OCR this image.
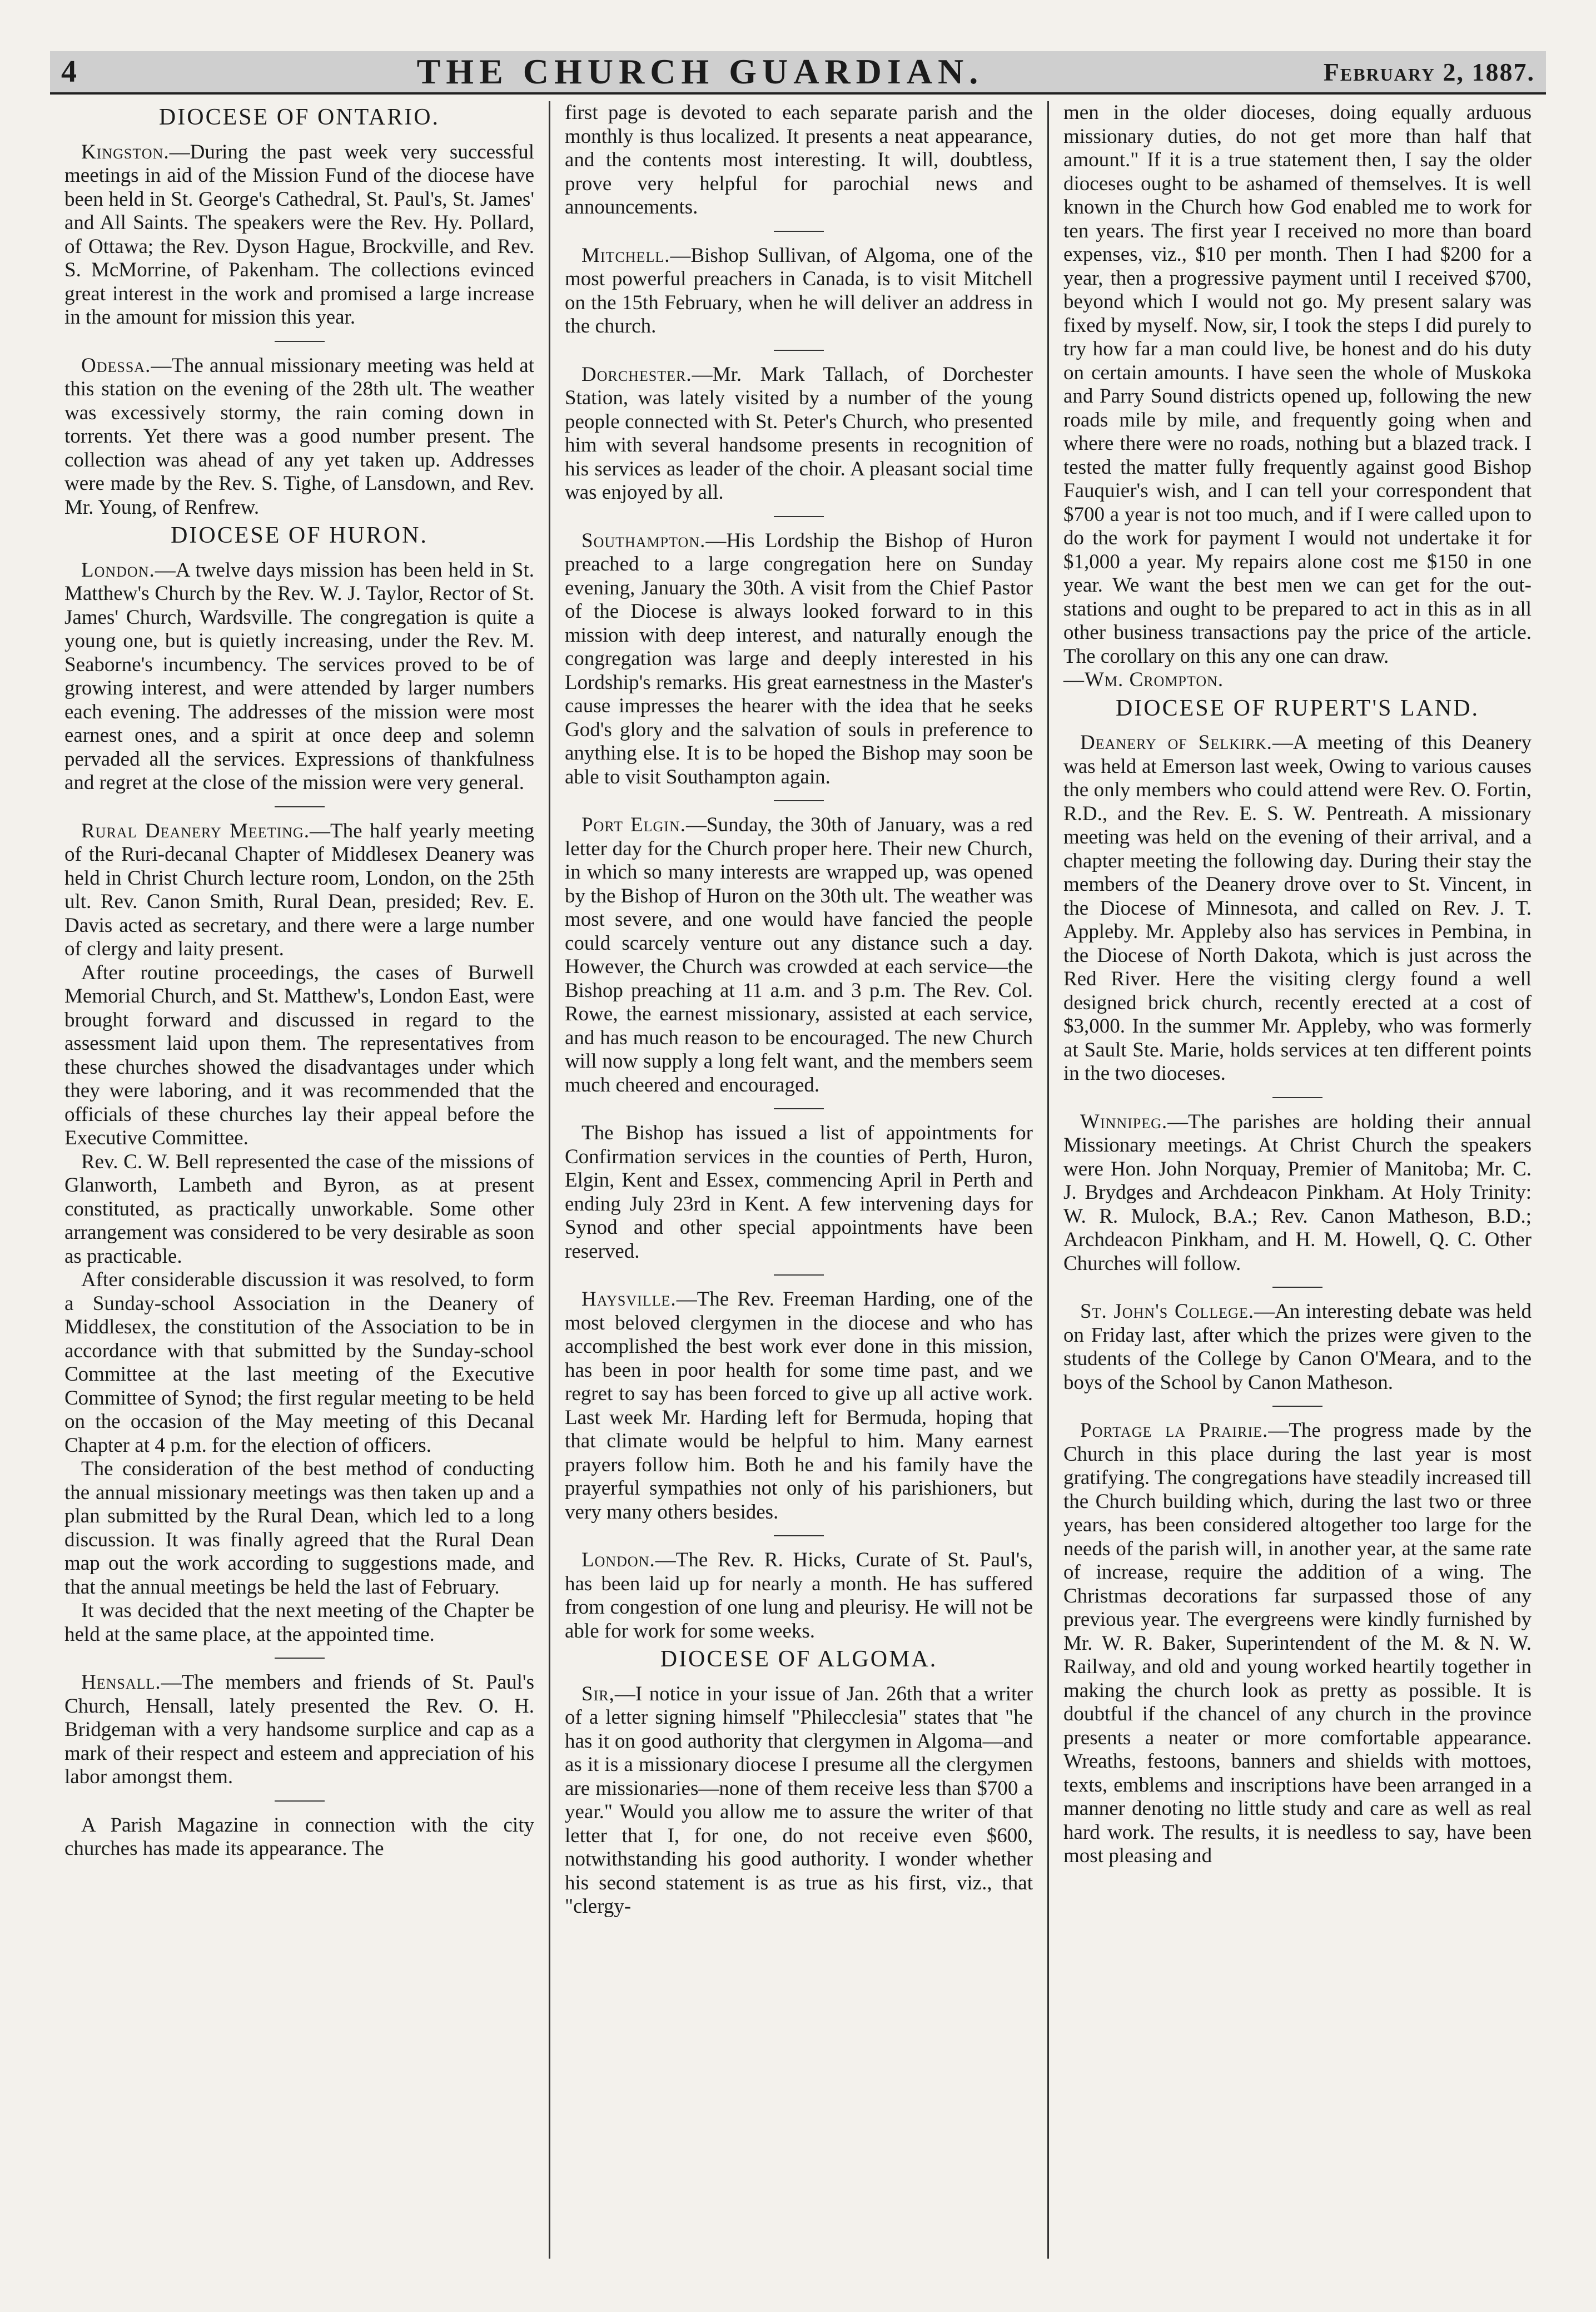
4	THE CHURCH GUARDIAN.	February 2, 1887.
DIOCESE OF ONTARIO.

Kingston.—During the past week very successful meetings in aid of the Mission Fund of the diocese have been held in St. George's Cathedral, St. Paul's, St. James' and All Saints. The speakers were the Rev. Hy. Pollard, of Ottawa; the Rev. Dyson Hague, Brockville, and Rev. S. McMorrine, of Pakenham. The collections evinced great interest in the work and promised a large increase in the amount for mission this year.

Odessa.—The annual missionary meeting was held at this station on the evening of the 28th ult. The weather was excessively stormy, the rain coming down in torrents. Yet there was a good number present. The collection was ahead of any yet taken up. Addresses were made by the Rev. S. Tighe, of Lansdown, and Rev. Mr. Young, of Renfrew.

DIOCESE OF HURON.

London.—A twelve days mission has been held in St. Matthew's Church by the Rev. W. J. Taylor, Rector of St. James' Church, Wardsville. The congregation is quite a young one, but is quietly increasing, under the Rev. M. Seaborne's incumbency. The services proved to be of growing interest, and were attended by larger numbers each evening. The addresses of the mission were most earnest ones, and a spirit at once deep and solemn pervaded all the services. Expressions of thankfulness and regret at the close of the mission were very general.

Rural Deanery Meeting.—The half yearly meeting of the Ruri-decanal Chapter of Middlesex Deanery was held in Christ Church lecture room, London, on the 25th ult. Rev. Canon Smith, Rural Dean, presided; Rev. E. Davis acted as secretary, and there were a large number of clergy and laity present.

After routine proceedings, the cases of Burwell Memorial Church, and St. Matthew's, London East, were brought forward and discussed in regard to the assessment laid upon them. The representatives from these churches showed the disadvantages under which they were laboring, and it was recommended that the officials of these churches lay their appeal before the Executive Committee.

Rev. C. W. Bell represented the case of the missions of Glanworth, Lambeth and Byron, as at present constituted, as practically unworkable. Some other arrangement was considered to be very desirable as soon as practicable.

After considerable discussion it was resolved, to form a Sunday-school Association in the Deanery of Middlesex, the constitution of the Association to be in accordance with that submitted by the Sunday-school Committee at the last meeting of the Executive Committee of Synod; the first regular meeting to be held on the occasion of the May meeting of this Decanal Chapter at 4 p.m. for the election of officers.

The consideration of the best method of conducting the annual missionary meetings was then taken up and a plan submitted by the Rural Dean, which led to a long discussion. It was finally agreed that the Rural Dean map out the work according to suggestions made, and that the annual meetings be held the last of February.

It was decided that the next meeting of the Chapter be held at the same place, at the appointed time.

Hensall.—The members and friends of St. Paul's Church, Hensall, lately presented the Rev. O. H. Bridgeman with a very handsome surplice and cap as a mark of their respect and esteem and appreciation of his labor amongst them.

A Parish Magazine in connection with the city churches has made its appearance. The

first page is devoted to each separate parish and the monthly is thus localized. It presents a neat appearance, and the contents most interesting. It will, doubtless, prove very helpful for parochial news and announcements.

Mitchell.—Bishop Sullivan, of Algoma, one of the most powerful preachers in Canada, is to visit Mitchell on the 15th February, when he will deliver an address in the church.

Dorchester.—Mr. Mark Tallach, of Dorchester Station, was lately visited by a number of the young people connected with St. Peter's Church, who presented him with several handsome presents in recognition of his services as leader of the choir. A pleasant social time was enjoyed by all.

Southampton.—His Lordship the Bishop of Huron preached to a large congregation here on Sunday evening, January the 30th. A visit from the Chief Pastor of the Diocese is always looked forward to in this mission with deep interest, and naturally enough the congregation was large and deeply interested in his Lordship's remarks. His great earnestness in the Master's cause impresses the hearer with the idea that he seeks God's glory and the salvation of souls in preference to anything else. It is to be hoped the Bishop may soon be able to visit Southampton again.

Port Elgin.—Sunday, the 30th of January, was a red letter day for the Church proper here. Their new Church, in which so many interests are wrapped up, was opened by the Bishop of Huron on the 30th ult. The weather was most severe, and one would have fancied the people could scarcely venture out any distance such a day. However, the Church was crowded at each service—the Bishop preaching at 11 a.m. and 3 p.m. The Rev. Col. Rowe, the earnest missionary, assisted at each service, and has much reason to be encouraged. The new Church will now supply a long felt want, and the members seem much cheered and encouraged.

The Bishop has issued a list of appointments for Confirmation services in the counties of Perth, Huron, Elgin, Kent and Essex, commencing April in Perth and ending July 23rd in Kent. A few intervening days for Synod and other special appointments have been reserved.

Haysville.—The Rev. Freeman Harding, one of the most beloved clergymen in the diocese and who has accomplished the best work ever done in this mission, has been in poor health for some time past, and we regret to say has been forced to give up all active work. Last week Mr. Harding left for Bermuda, hoping that that climate would be helpful to him. Many earnest prayers follow him. Both he and his family have the prayerful sympathies not only of his parishioners, but very many others besides.

London.—The Rev. R. Hicks, Curate of St. Paul's, has been laid up for nearly a month. He has suffered from congestion of one lung and pleurisy. He will not be able for work for some weeks.

DIOCESE OF ALGOMA.

Sir,—I notice in your issue of Jan. 26th that a writer of a letter signing himself "Philecclesia" states that "he has it on good authority that clergymen in Algoma—and as it is a missionary diocese I presume all the clergymen are missionaries—none of them receive less than $700 a year." Would you allow me to assure the writer of that letter that I, for one, do not receive even $600, notwithstanding his good authority. I wonder whether his second statement is as true as his first, viz., that "clergy-

men in the older dioceses, doing equally arduous missionary duties, do not get more than half that amount." If it is a true statement then, I say the older dioceses ought to be ashamed of themselves. It is well known in the Church how God enabled me to work for ten years. The first year I received no more than board expenses, viz., $10 per month. Then I had $200 for a year, then a progressive payment until I received $700, beyond which I would not go. My present salary was fixed by myself. Now, sir, I took the steps I did purely to try how far a man could live, be honest and do his duty on certain amounts. I have seen the whole of Muskoka and Parry Sound districts opened up, following the new roads mile by mile, and frequently going when and where there were no roads, nothing but a blazed track. I tested the matter fully frequently against good Bishop Fauquier's wish, and I can tell your correspondent that $700 a year is not too much, and if I were called upon to do the work for payment I would not undertake it for $1,000 a year. My repairs alone cost me $150 in one year. We want the best men we can get for the out-stations and ought to be prepared to act in this as in all other business transactions pay the price of the article. The corollary on this any one can draw.

—Wm. Crompton.

DIOCESE OF RUPERT'S LAND.

Deanery of Selkirk.—A meeting of this Deanery was held at Emerson last week, Owing to various causes the only members who could attend were Rev. O. Fortin, R.D., and the Rev. E. S. W. Pentreath. A missionary meeting was held on the evening of their arrival, and a chapter meeting the following day. During their stay the members of the Deanery drove over to St. Vincent, in the Diocese of Minnesota, and called on Rev. J. T. Appleby. Mr. Appleby also has services in Pembina, in the Diocese of North Dakota, which is just across the Red River. Here the visiting clergy found a well designed brick church, recently erected at a cost of $3,000. In the summer Mr. Appleby, who was formerly at Sault Ste. Marie, holds services at ten different points in the two dioceses.

Winnipeg.—The parishes are holding their annual Missionary meetings. At Christ Church the speakers were Hon. John Norquay, Premier of Manitoba; Mr. C. J. Brydges and Archdeacon Pinkham. At Holy Trinity: W. R. Mulock, B.A.; Rev. Canon Matheson, B.D.; Archdeacon Pinkham, and H. M. Howell, Q. C. Other Churches will follow.

St. John's College.—An interesting debate was held on Friday last, after which the prizes were given to the students of the College by Canon O'Meara, and to the boys of the School by Canon Matheson.

Portage la Prairie.—The progress made by the Church in this place during the last year is most gratifying. The congregations have steadily increased till the Church building which, during the last two or three years, has been considered altogether too large for the needs of the parish will, in another year, at the same rate of increase, require the addition of a wing. The Christmas decorations far surpassed those of any previous year. The evergreens were kindly furnished by Mr. W. R. Baker, Superintendent of the M. & N. W. Railway, and old and young worked heartily together in making the church look as pretty as possible. It is doubtful if the chancel of any church in the province presents a neater or more comfortable appearance. Wreaths, festoons, banners and shields with mottoes, texts, emblems and inscriptions have been arranged in a manner denoting no little study and care as well as real hard work. The results, it is needless to say, have been most pleasing and
